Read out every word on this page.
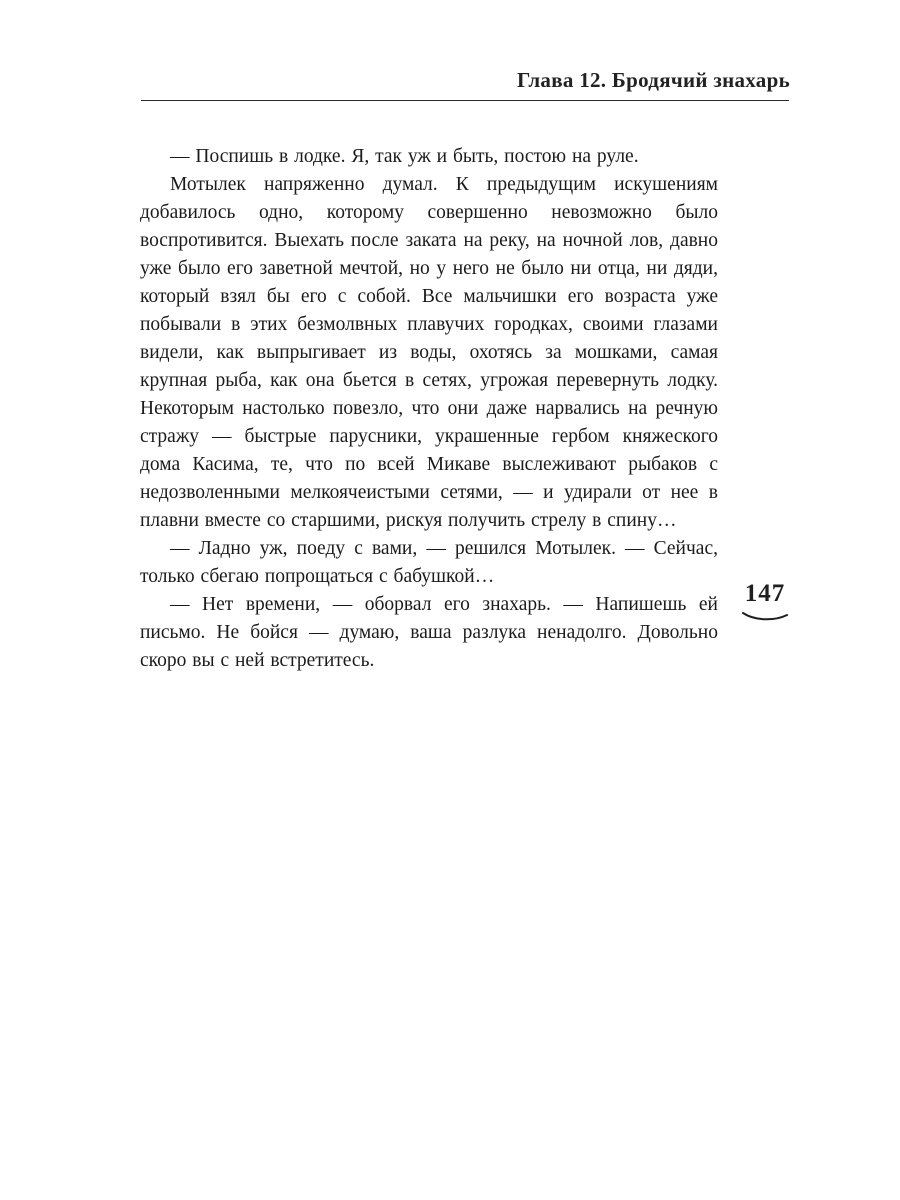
Глава 12. Бродячий знахарь

— Поспишь в лодке. Я, так уж и быть, постою на руле.

Мотылек напряженно думал. К предыдущим искушениям добавилось одно, которому совершенно невозможно было воспротивится. Выехать после заката на реку, на ночной лов, давно уже было его заветной мечтой, но у него не было ни отца, ни дяди, который взял бы его с собой. Все мальчишки его возраста уже побывали в этих безмолвных плавучих городках, своими глазами видели, как выпрыгивает из воды, охотясь за мошками, самая крупная рыба, как она бьется в сетях, угрожая перевернуть лодку. Некоторым настолько повезло, что они даже нарвались на речную стражу — быстрые парусники, украшенные гербом княжеского дома Касима, те, что по всей Микаве выслеживают рыбаков с недозволенными мелкоячеистыми сетями, — и удирали от нее в плавни вместе со старшими, рискуя получить стрелу в спину…

— Ладно уж, поеду с вами, — решился Мотылек. — Сейчас, только сбегаю попрощаться с бабушкой…

— Нет времени, — оборвал его знахарь. — Напишешь ей письмо. Не бойся — думаю, ваша разлука ненадолго. Довольно скоро вы с ней встретитесь.

147
